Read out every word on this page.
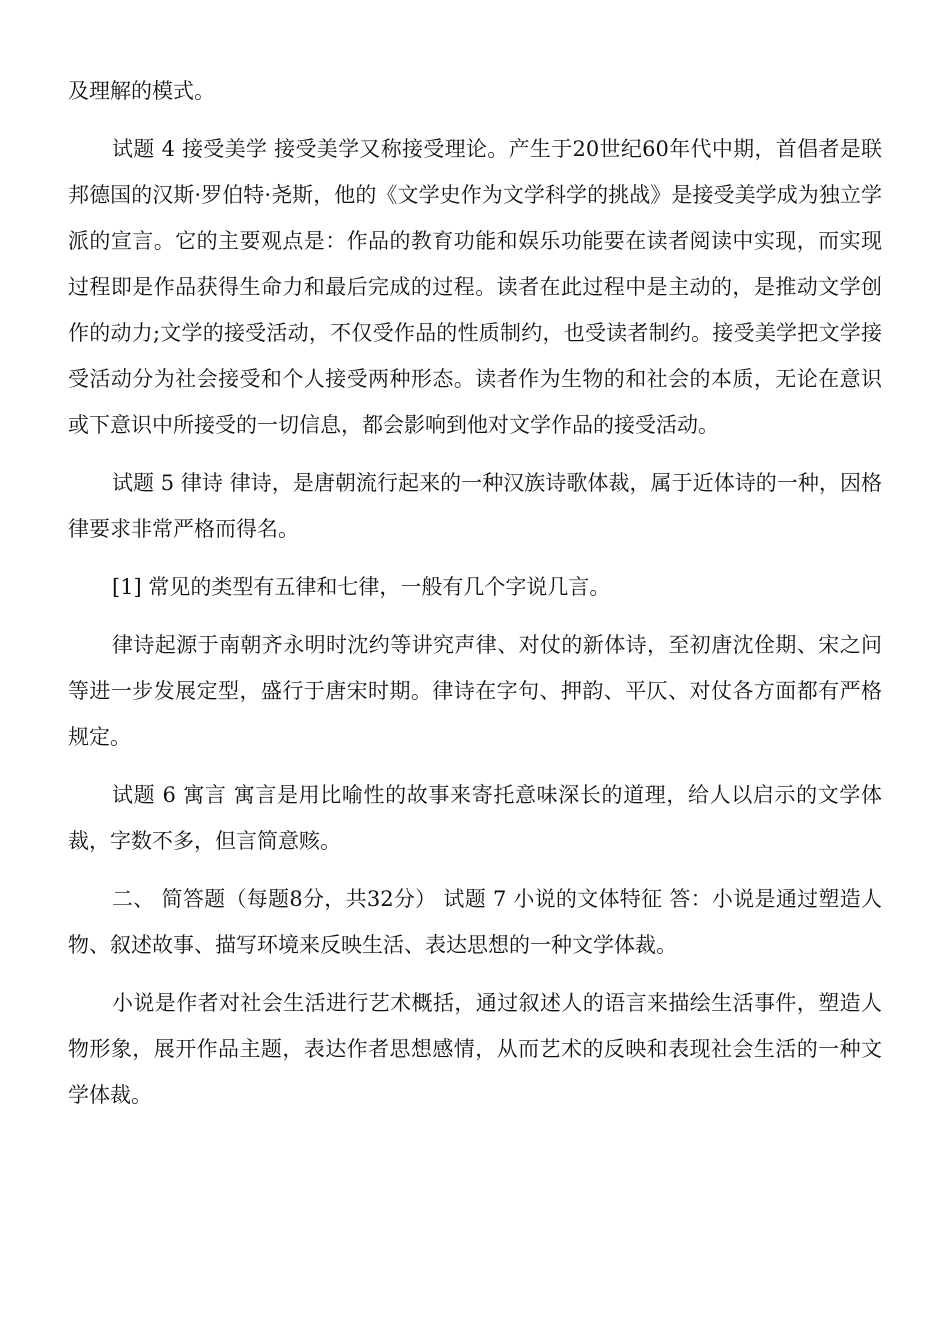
及理解的模式。

试题 4 接受美学 接受美学又称接受理论。产生于20世纪60年代中期，首倡者是联邦德国的汉斯·罗伯特·尧斯，他的《文学史作为文学科学的挑战》是接受美学成为独立学派的宣言。它的主要观点是：作品的教育功能和娱乐功能要在读者阅读中实现，而实现过程即是作品获得生命力和最后完成的过程。读者在此过程中是主动的，是推动文学创作的动力;文学的接受活动，不仅受作品的性质制约，也受读者制约。接受美学把文学接受活动分为社会接受和个人接受两种形态。读者作为生物的和社会的本质，无论在意识或下意识中所接受的一切信息，都会影响到他对文学作品的接受活动。

试题 5 律诗 律诗，是唐朝流行起来的一种汉族诗歌体裁，属于近体诗的一种，因格律要求非常严格而得名。

[1] 常见的类型有五律和七律，一般有几个字说几言。

律诗起源于南朝齐永明时沈约等讲究声律、对仗的新体诗，至初唐沈佺期、宋之问等进一步发展定型，盛行于唐宋时期。律诗在字句、押韵、平仄、对仗各方面都有严格规定。

试题 6 寓言 寓言是用比喻性的故事来寄托意味深长的道理，给人以启示的文学体裁，字数不多，但言简意赅。

二、 简答题（每题8分，共32分） 试题 7 小说的文体特征 答：小说是通过塑造人物、叙述故事、描写环境来反映生活、表达思想的一种文学体裁。

小说是作者对社会生活进行艺术概括，通过叙述人的语言来描绘生活事件，塑造人物形象，展开作品主题，表达作者思想感情，从而艺术的反映和表现社会生活的一种文学体裁。
